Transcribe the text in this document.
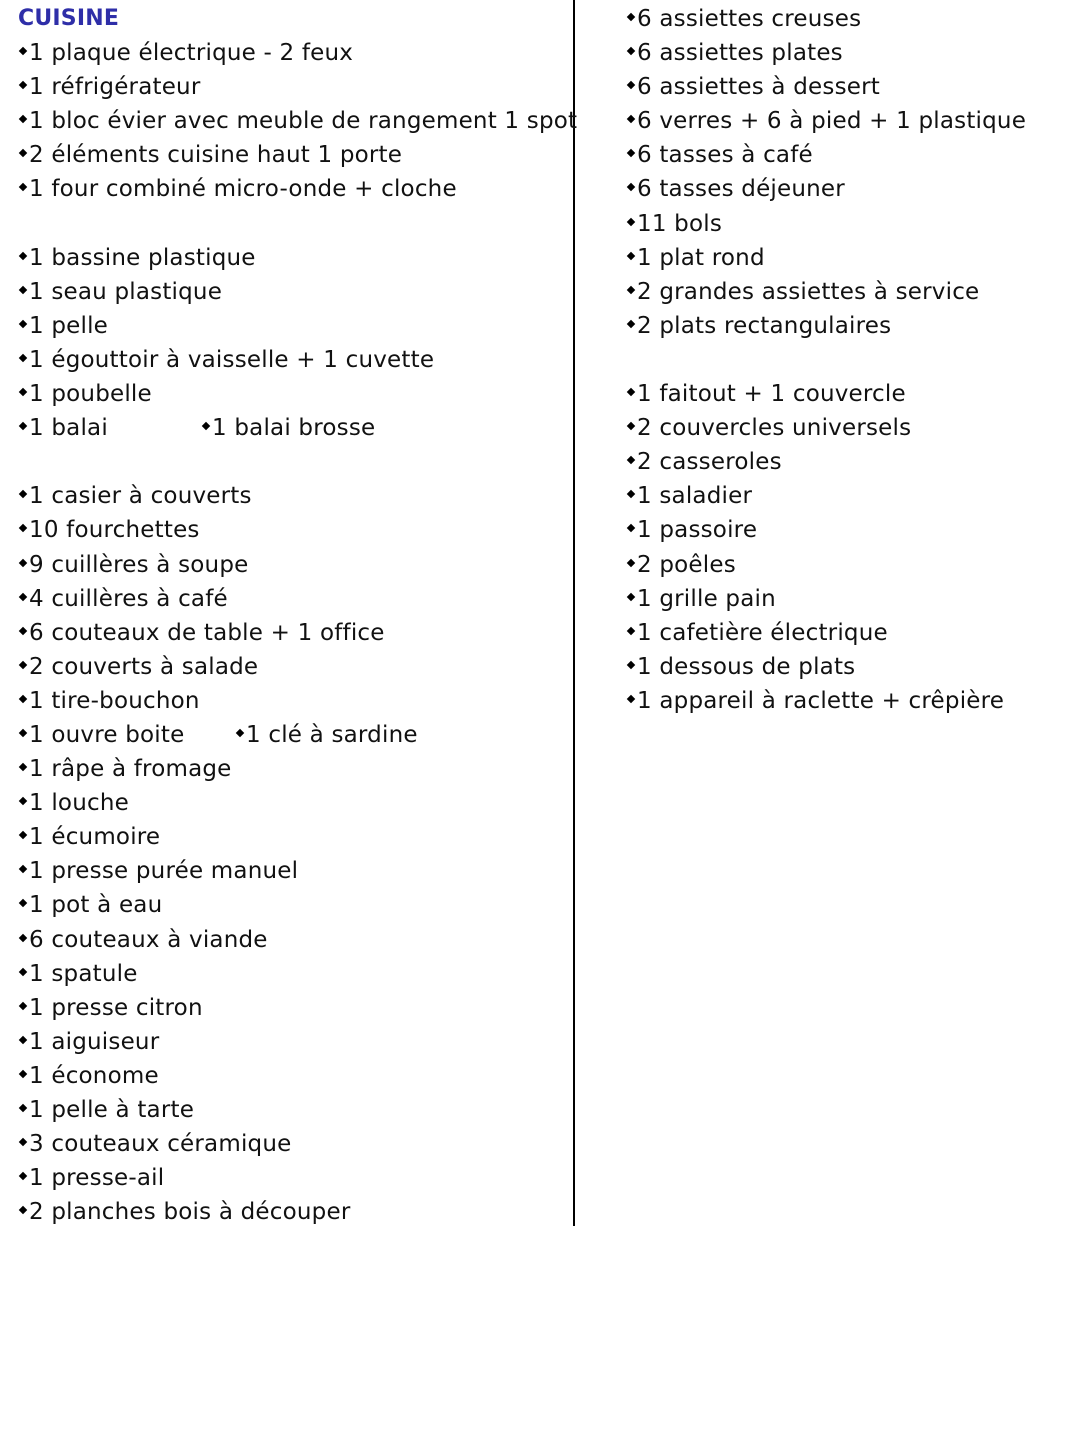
CUISINE
1 plaque électrique - 2 feux
1 réfrigérateur
1 bloc évier avec meuble de rangement 1 spot
2 éléments cuisine haut 1 porte
1 four combiné micro-onde + cloche
1 bassine plastique
1 seau plastique
1 pelle
1 égouttoir à vaisselle + 1 cuvette
1 poubelle
1 balai	1 balai brosse
1 casier à couverts
10 fourchettes
9 cuillères à soupe
4 cuillères à café
6 couteaux de table + 1 office
2 couverts à salade
1 tire-bouchon
1 ouvre boite	1 clé à sardine
1 râpe à fromage
1 louche
1 écumoire
1 presse purée manuel
1 pot à eau
6 couteaux à viande
1 spatule
1 presse citron
1 aiguiseur
1 économe
1 pelle à tarte
3 couteaux céramique
1 presse-ail
2 planches bois à découper
6 assiettes creuses
6 assiettes plates
6 assiettes à dessert
6 verres + 6 à pied + 1 plastique
6 tasses à café
6 tasses déjeuner
11 bols
1 plat rond
2 grandes assiettes à service
2 plats rectangulaires
1 faitout + 1 couvercle
2 couvercles universels
2 casseroles
1 saladier
1 passoire
2 poêles
1 grille pain
1 cafetière électrique
1 dessous de plats
1 appareil à raclette + crêpière
